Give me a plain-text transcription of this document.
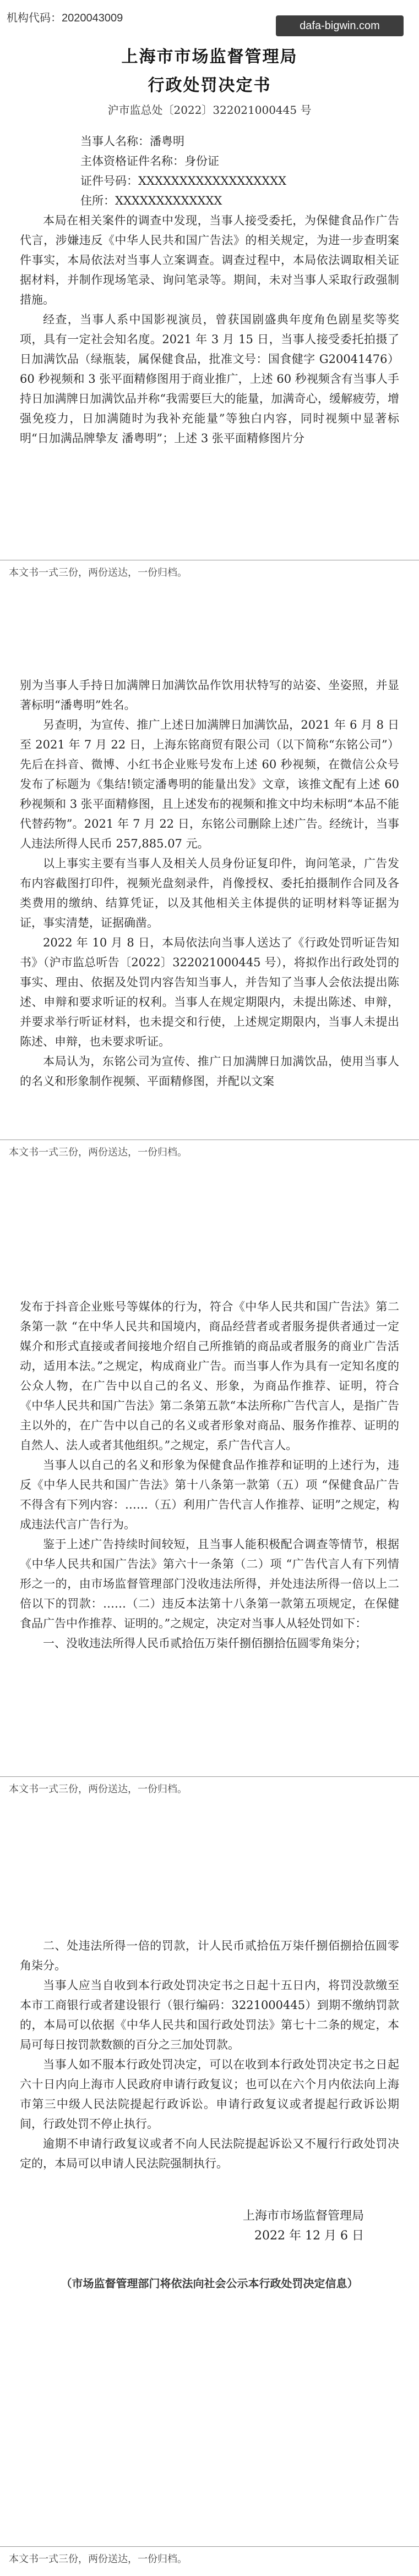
机构代码：2020043009
dafa-bigwin.com
上海市市场监督管理局
行政处罚决定书
沪市监总处〔2022〕322021000445 号
当事人名称：潘粤明
主体资格证件名称：身份证
证件号码：XXXXXXXXXXXXXXXXXX
住所：XXXXXXXXXXXXX

本局在相关案件的调查中发现，当事人接受委托，为保健食品作广告代言，涉嫌违反《中华人民共和国广告法》的相关规定，为进一步查明案件事实，本局依法对当事人立案调查。调查过程中，本局依法调取相关证据材料，并制作现场笔录、询问笔录等。期间，未对当事人采取行政强制措施。

经查，当事人系中国影视演员，曾获国剧盛典年度角色剧星奖等奖项，具有一定社会知名度。2021 年 3 月 15 日，当事人接受委托拍摄了日加满饮品（绿瓶装，属保健食品，批准文号：国食健字 G20041476）60 秒视频和 3 张平面精修图用于商业推广，上述 60 秒视频含有当事人手持日加满牌日加满饮品并称“我需要巨大的能量，加满奇心，缓解疲劳，增强免疫力，日加满随时为我补充能量”等独白内容，同时视频中显著标明“日加满品牌挚友 潘粤明”；上述 3 张平面精修图片分

本文书一式三份，两份送达，一份归档。

别为当事人手持日加满牌日加满饮品作饮用状特写的站姿、坐姿照，并显著标明“潘粤明”姓名。

另查明，为宣传、推广上述日加满牌日加满饮品，2021 年 6 月 8 日至 2021 年 7 月 22 日，上海东铭商贸有限公司（以下简称“东铭公司”）先后在抖音、微博、小红书企业账号发布上述 60 秒视频，在微信公众号发布了标题为《集结!锁定潘粤明的能量出发》文章，该推文配有上述 60 秒视频和 3 张平面精修图，且上述发布的视频和推文中均未标明“本品不能代替药物”。2021 年 7 月 22 日，东铭公司删除上述广告。经统计，当事人违法所得人民币 257,885.07 元。

以上事实主要有当事人及相关人员身份证复印件，询问笔录，广告发布内容截图打印件，视频光盘刻录件，肖像授权、委托拍摄制作合同及各类费用的缴纳、结算凭证，以及其他相关主体提供的证明材料等证据为证，事实清楚，证据确凿。

2022 年 10 月 8 日，本局依法向当事人送达了《行政处罚听证告知书》（沪市监总听告〔2022〕322021000445 号），将拟作出行政处罚的事实、理由、依据及处罚内容告知当事人，并告知了当事人会依法提出陈述、申辩和要求听证的权利。当事人在规定期限内，未提出陈述、申辩，并要求举行听证材料，也未提交和行使，上述规定期限内，当事人未提出陈述、申辩，也未要求听证。

本局认为，东铭公司为宣传、推广日加满牌日加满饮品，使用当事人的名义和形象制作视频、平面精修图，并配以文案

本文书一式三份，两份送达，一份归档。

发布于抖音企业账号等媒体的行为，符合《中华人民共和国广告法》第二条第一款 “在中华人民共和国境内，商品经营者或者服务提供者通过一定媒介和形式直接或者间接地介绍自己所推销的商品或者服务的商业广告活动，适用本法。”之规定，构成商业广告。而当事人作为具有一定知名度的公众人物，在广告中以自己的名义、形象，为商品作推荐、证明，符合《中华人民共和国广告法》第二条第五款“本法所称广告代言人，是指广告主以外的，在广告中以自己的名义或者形象对商品、服务作推荐、证明的自然人、法人或者其他组织。”之规定，系广告代言人。

当事人以自己的名义和形象为保健食品作推荐和证明的上述行为，违反《中华人民共和国广告法》第十八条第一款第（五）项 “保健食品广告不得含有下列内容：……（五）利用广告代言人作推荐、证明”之规定，构成违法代言广告行为。

鉴于上述广告持续时间较短，且当事人能积极配合调查等情节，根据《中华人民共和国广告法》第六十一条第（二）项 “广告代言人有下列情形之一的，由市场监督管理部门没收违法所得，并处违法所得一倍以上二倍以下的罚款：……（二）违反本法第十八条第一款第五项规定，在保健食品广告中作推荐、证明的。”之规定，决定对当事人从轻处罚如下：

一、没收违法所得人民币贰拾伍万柒仟捌佰捌拾伍圆零角柒分；

本文书一式三份，两份送达，一份归档。

二、处违法所得一倍的罚款，计人民币贰拾伍万柒仟捌佰捌拾伍圆零角柒分。

当事人应当自收到本行政处罚决定书之日起十五日内，将罚没款缴至本市工商银行或者建设银行（银行编码：3221000445）到期不缴纳罚款的，本局可以依据《中华人民共和国行政处罚法》第七十二条的规定，本局可每日按罚款数额的百分之三加处罚款。

当事人如不服本行政处罚决定，可以在收到本行政处罚决定书之日起六十日内向上海市人民政府申请行政复议；也可以在六个月内依法向上海市第三中级人民法院提起行政诉讼。申请行政复议或者提起行政诉讼期间，行政处罚不停止执行。

逾期不申请行政复议或者不向人民法院提起诉讼又不履行行政处罚决定的，本局可以申请人民法院强制执行。

上海市市场监督管理局
2022 年 12 月 6 日
（市场监督管理部门将依法向社会公示本行政处罚决定信息）
本文书一式三份，两份送达，一份归档。
